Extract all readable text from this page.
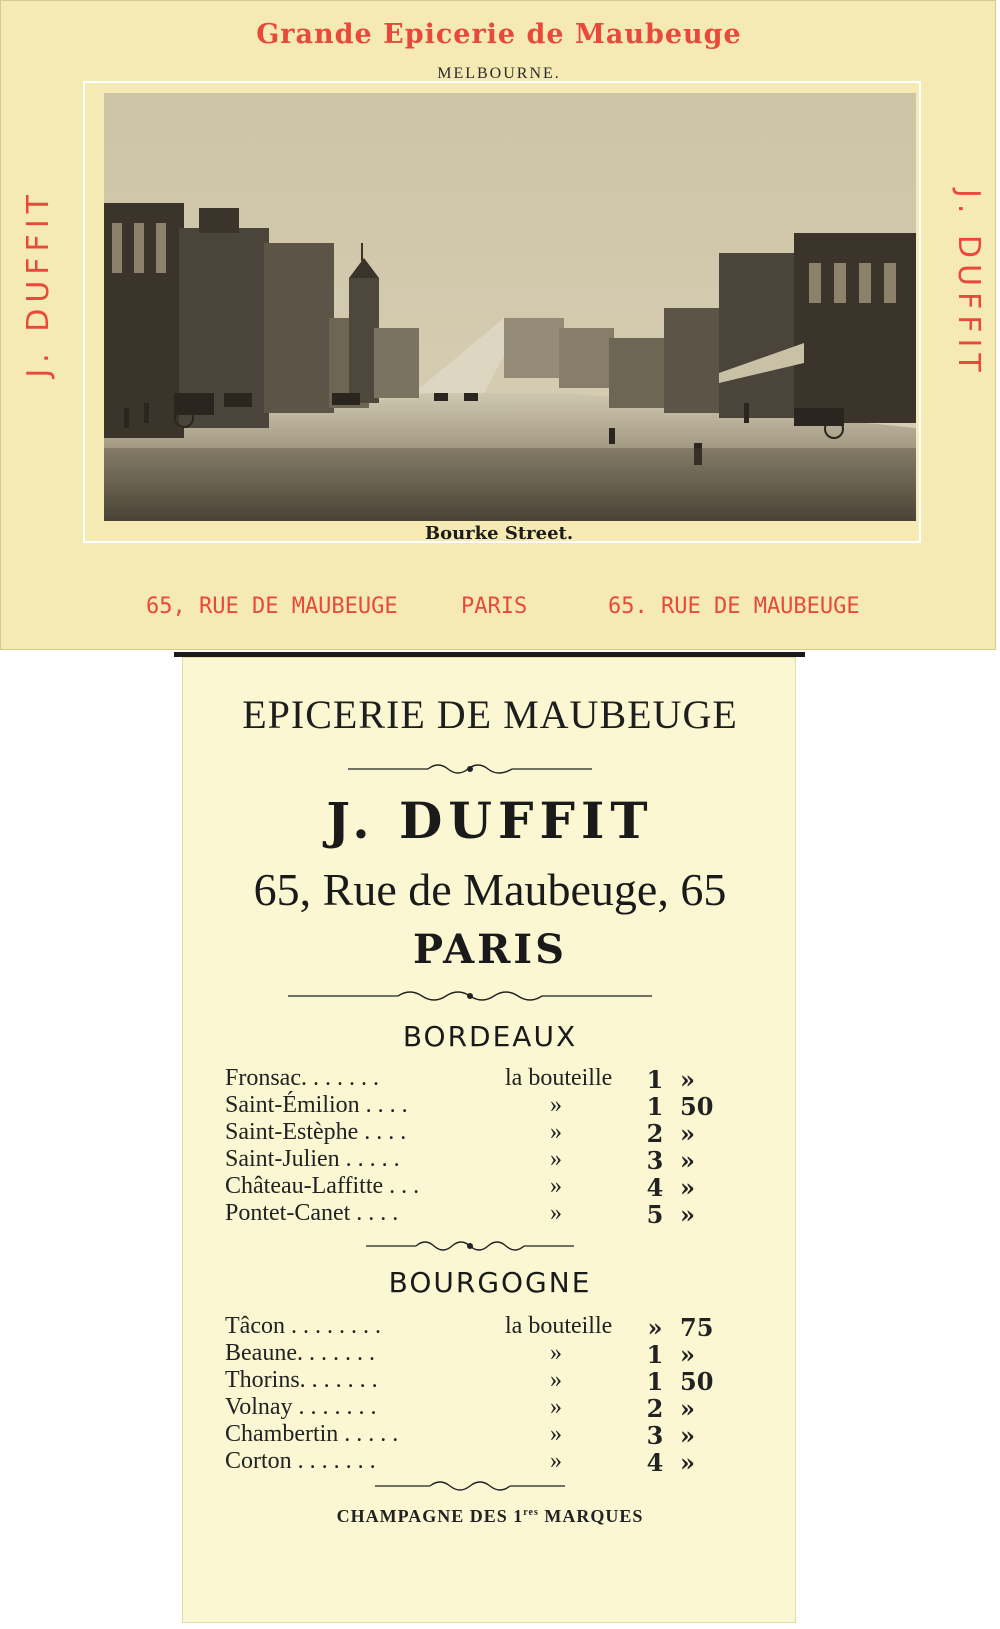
Grande Epicerie de Maubeuge
MELBOURNE.
Bourke Street.
J. DUFFIT	J. DUFFIT
65, RUE DE MAUBEUGE	PARIS	65. RUE DE MAUBEUGE
EPICERIE DE MAUBEUGE
J. DUFFIT
65, Rue de Maubeuge, 65
PARIS
BORDEAUX
Fronsac. . . . . . .	la bouteille 1 »
Saint-Émilion . . . .	»	1 50
Saint-Estèphe . . . .	»	2 »
Saint-Julien . . . . .	»	3 »
Château-Laffitte . . .	»	4 »
Pontet-Canet . . . .	»	5 »
BOURGOGNE
Tâcon . . . . . . . .	la bouteille	» 75
Beaune. . . . . . .	»	1 »
Thorins. . . . . . .	»	1 50
Volnay . . . . . . .	»	2 »
Chambertin . . . . .	»	3 »
Corton . . . . . . .	»	4 »
CHAMPAGNE DES 1res MARQUES
